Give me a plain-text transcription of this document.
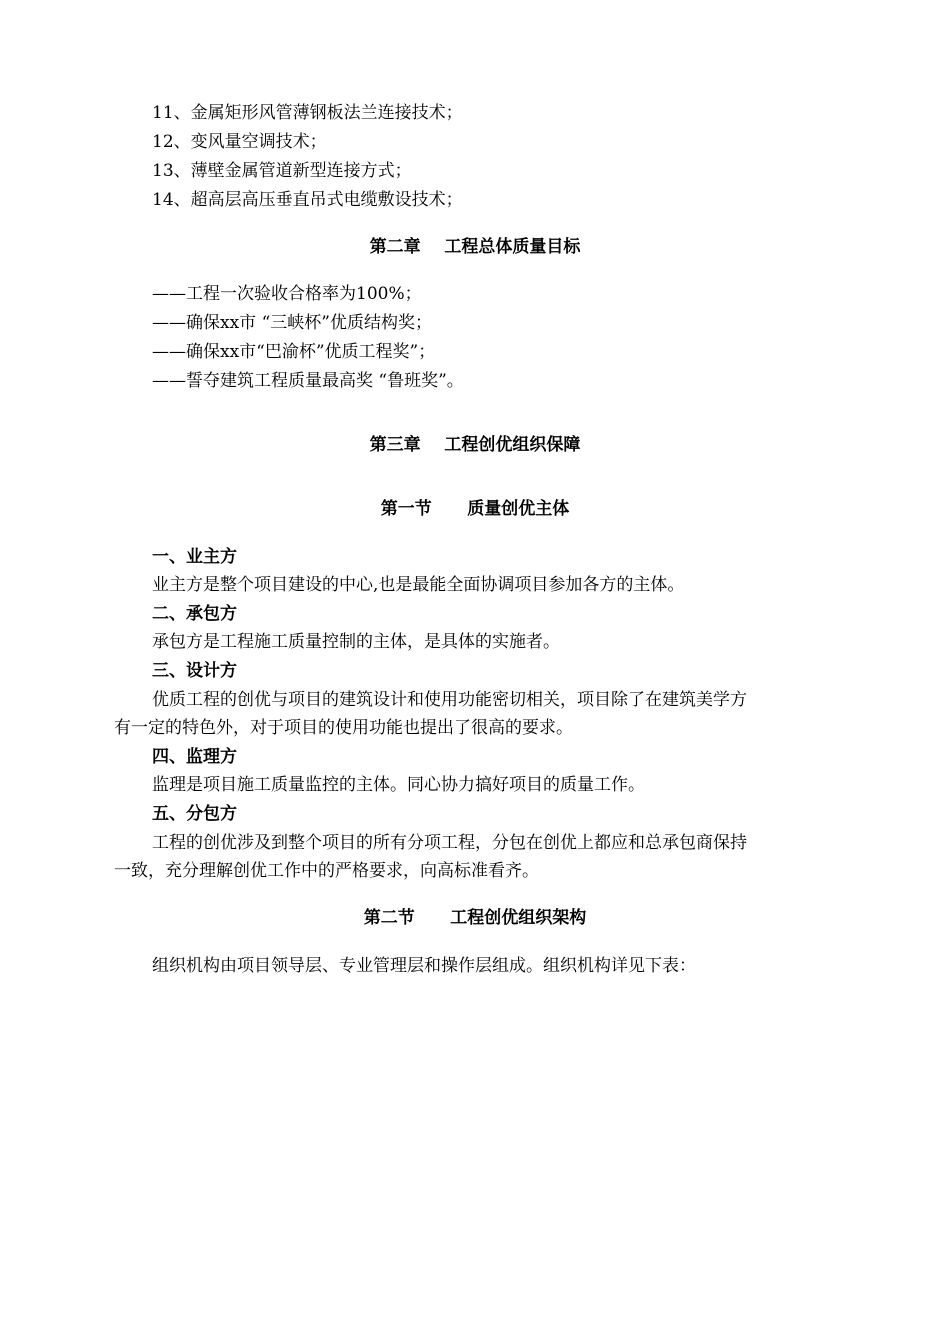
11、金属矩形风管薄钢板法兰连接技术；
12、变风量空调技术；
13、薄壁金属管道新型连接方式；
14、超高层高压垂直吊式电缆敷设技术；
第二章    工程总体质量目标
——工程一次验收合格率为100%；
——确保xx市 “三峡杯”优质结构奖；
——确保xx市“巴渝杯”优质工程奖”；
——誓夺建筑工程质量最高奖 “鲁班奖”。
第三章    工程创优组织保障
第一节      质量创优主体
一、业主方
业主方是整个项目建设的中心,也是最能全面协调项目参加各方的主体。
二、承包方
承包方是工程施工质量控制的主体，是具体的实施者。
三、设计方
优质工程的创优与项目的建筑设计和使用功能密切相关，项目除了在建筑美学方
有一定的特色外，对于项目的使用功能也提出了很高的要求。
四、监理方
监理是项目施工质量监控的主体。同心协力搞好项目的质量工作。
五、分包方
工程的创优涉及到整个项目的所有分项工程，分包在创优上都应和总承包商保持
一致，充分理解创优工作中的严格要求，向高标准看齐。
第二节      工程创优组织架构
组织机构由项目领导层、专业管理层和操作层组成。组织机构详见下表：
